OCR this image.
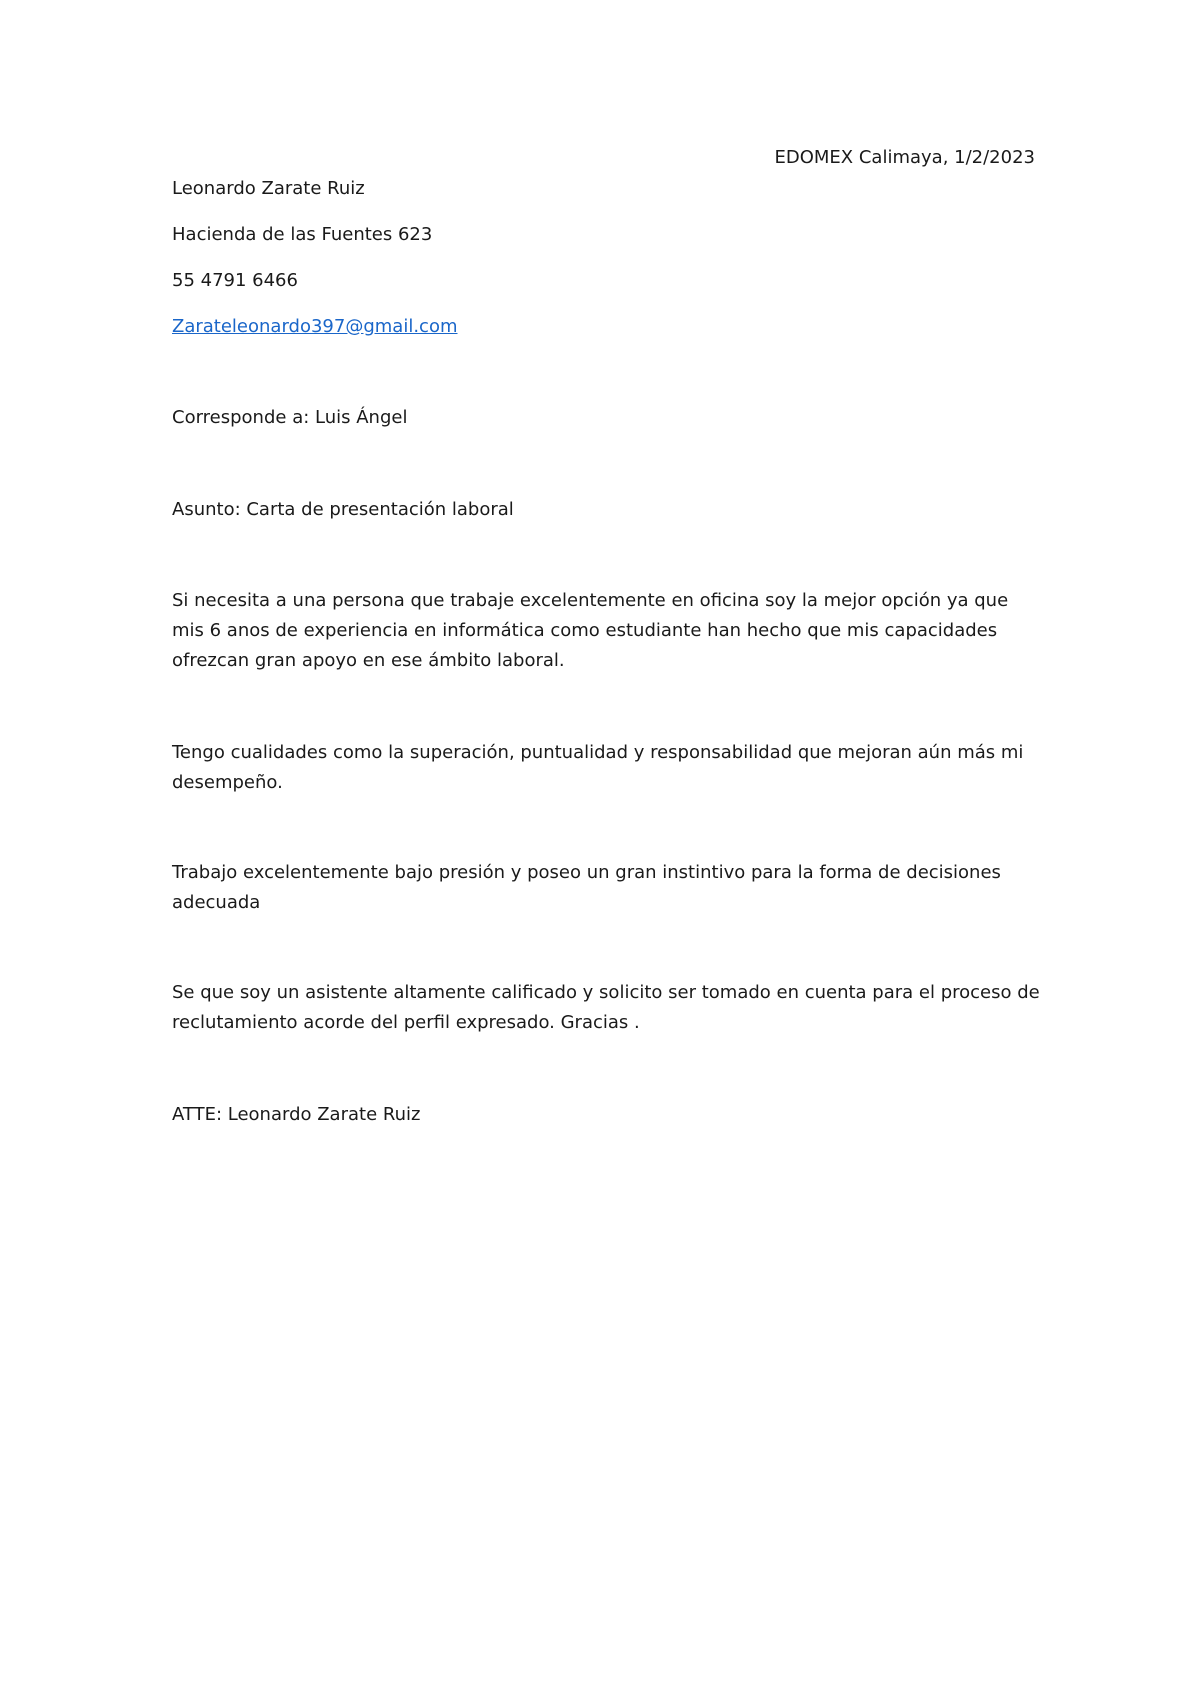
EDOMEX Calimaya, 1/2/2023

Leonardo Zarate Ruiz

Hacienda de las Fuentes 623

55 4791 6466

Zarateleonardo397@gmail.com

Corresponde a: Luis Ángel

Asunto: Carta de presentación laboral

Si necesita a una persona que trabaje excelentemente en oficina soy la mejor opción ya que
mis 6 anos de experiencia en informática como estudiante han hecho que mis capacidades
ofrezcan gran apoyo en ese ámbito laboral.
Tengo cualidades como la superación, puntualidad y responsabilidad que mejoran aún más mi
desempeño.
Trabajo excelentemente bajo presión y poseo un gran instintivo para la forma de decisiones
adecuada
Se que soy un asistente altamente calificado y solicito ser tomado en cuenta para el proceso de
reclutamiento acorde del perfil expresado. Gracias .

ATTE: Leonardo Zarate Ruiz
